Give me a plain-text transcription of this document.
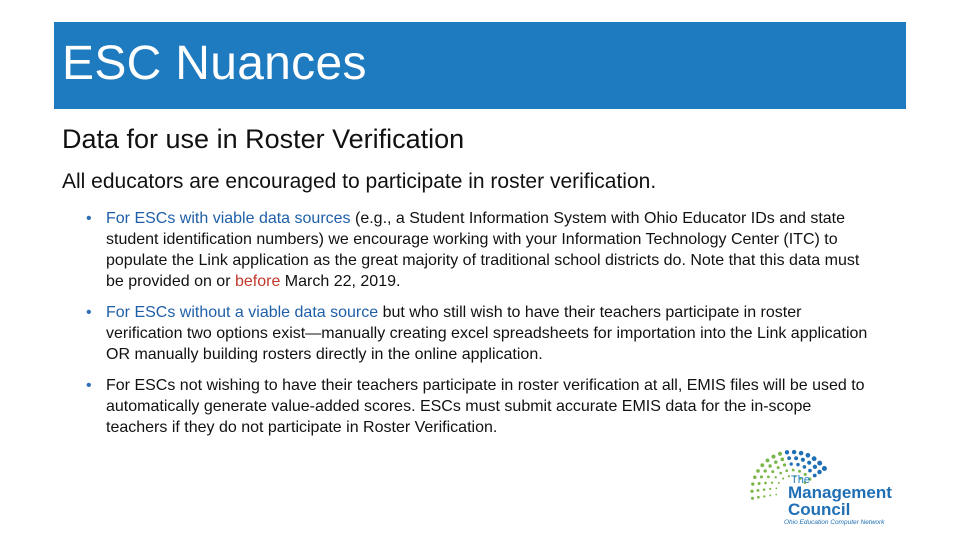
ESC Nuances
Data for use in Roster Verification
All educators are encouraged to participate in roster verification.
• For ESCs with viable data sources (e.g., a Student Information System with Ohio Educator IDs and state student identification numbers) we encourage working with your Information Technology Center (ITC) to populate the Link application as the great majority of traditional school districts do. Note that this data must be provided on or before March 22, 2019.
• For ESCs without a viable data source but who still wish to have their teachers participate in roster verification two options exist—manually creating excel spreadsheets for importation into the Link application OR manually building rosters directly in the online application.
• For ESCs not wishing to have their teachers participate in roster verification at all, EMIS files will be used to automatically generate value-added scores. ESCs must submit accurate EMIS data for the in-scope teachers if they do not participate in Roster Verification.
The
Management
Council
Ohio Education Computer Network
